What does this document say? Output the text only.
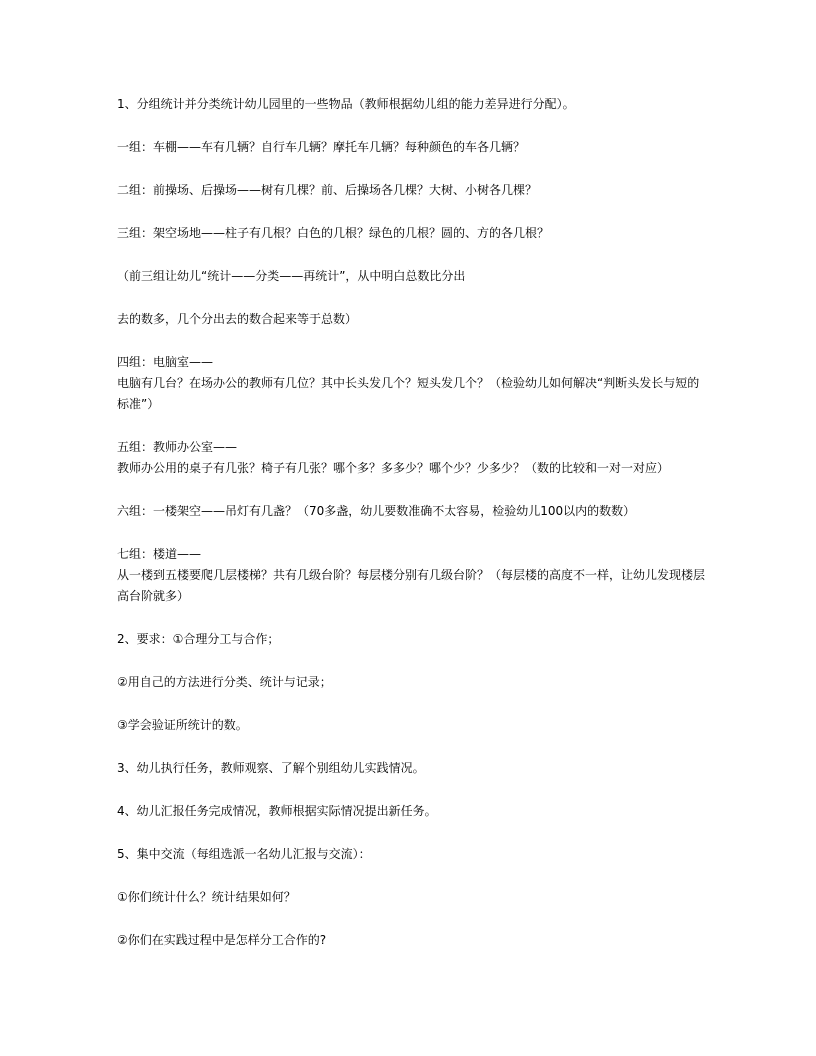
1、分组统计并分类统计幼儿园里的一些物品（教师根据幼儿组的能力差异进行分配）。

一组：车棚——车有几辆？自行车几辆？摩托车几辆？每种颜色的车各几辆？

二组：前操场、后操场——树有几棵？前、后操场各几棵？大树、小树各几棵？

三组：架空场地——柱子有几根？白色的几根？绿色的几根？圆的、方的各几根？

（前三组让幼儿“统计——分类——再统计”，从中明白总数比分出

去的数多，几个分出去的数合起来等于总数）

四组：电脑室——

电脑有几台？在场办公的教师有几位？其中长头发几个？短头发几个？（检验幼儿如何解决“判断头发长与短的标准”）

五组：教师办公室——

教师办公用的桌子有几张？椅子有几张？哪个多？多多少？哪个少？少多少？（数的比较和一对一对应）

六组：一楼架空——吊灯有几盏？（70多盏，幼儿要数准确不太容易，检验幼儿100以内的数数）

七组：楼道——

从一楼到五楼要爬几层楼梯？共有几级台阶？每层楼分别有几级台阶？（每层楼的高度不一样，让幼儿发现楼层高台阶就多）

2、要求：①合理分工与合作；

②用自己的方法进行分类、统计与记录；

③学会验证所统计的数。

3、幼儿执行任务，教师观察、了解个别组幼儿实践情况。

4、幼儿汇报任务完成情况，教师根据实际情况提出新任务。

5、集中交流（每组选派一名幼儿汇报与交流）：

①你们统计什么？统计结果如何？

②你们在实践过程中是怎样分工合作的?
